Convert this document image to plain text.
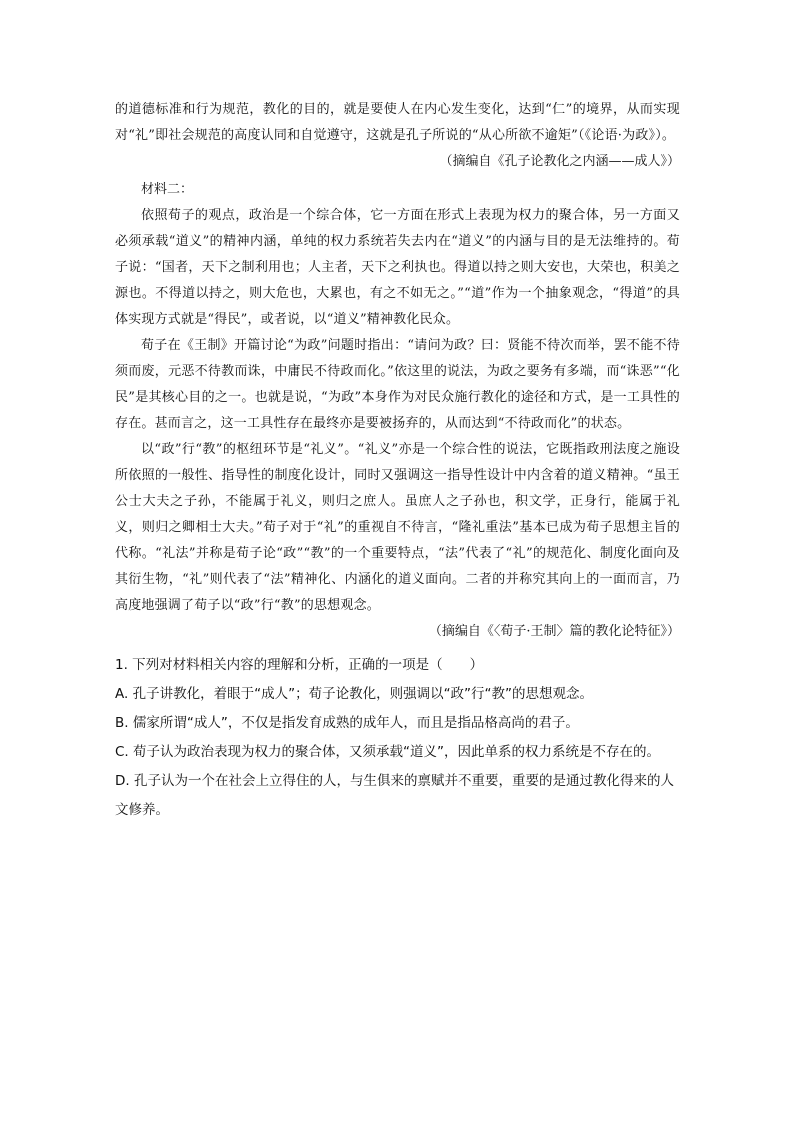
的道德标准和行为规范，教化的目的，就是要使人在内心发生变化，达到“仁”的境界，从而实现对“礼”即社会规范的高度认同和自觉遵守，这就是孔子所说的“从心所欲不逾矩”（《论语·为政》）。

（摘编自《孔子论教化之内涵——成人》）

材料二：

依照荀子的观点，政治是一个综合体，它一方面在形式上表现为权力的聚合体，另一方面又必须承载“道义”的精神内涵，单纯的权力系统若失去内在“道义”的内涵与目的是无法维持的。荀子说：“国者，天下之制利用也；人主者，天下之利执也。得道以持之则大安也，大荣也，积美之源也。不得道以持之，则大危也，大累也，有之不如无之。”“道”作为一个抽象观念，“得道”的具体实现方式就是“得民”，或者说，以“道义”精神教化民众。

荀子在《王制》开篇讨论“为政”问题时指出：“请问为政？曰：贤能不待次而举，罢不能不待须而废，元恶不待教而诛，中庸民不待政而化。”依这里的说法，为政之要务有多端，而“诛恶”“化民”是其核心目的之一。也就是说，“为政”本身作为对民众施行教化的途径和方式，是一工具性的存在。甚而言之，这一工具性存在最终亦是要被扬弃的，从而达到“不待政而化”的状态。

以“政”行“教”的枢纽环节是“礼义”。“礼义”亦是一个综合性的说法，它既指政刑法度之施设所依照的一般性、指导性的制度化设计，同时又强调这一指导性设计中内含着的道义精神。“虽王公士大夫之子孙，不能属于礼义，则归之庶人。虽庶人之子孙也，积文学，正身行，能属于礼义，则归之卿相士大夫。”荀子对于“礼”的重视自不待言，“隆礼重法”基本已成为荀子思想主旨的代称。“礼法”并称是荀子论“政”“教”的一个重要特点，“法”代表了“礼”的规范化、制度化面向及其衍生物，“礼”则代表了“法”精神化、内涵化的道义面向。二者的并称究其向上的一面而言，乃高度地强调了荀子以“政”行“教”的思想观念。

（摘编自《〈荀子·王制〉篇的教化论特征》）

1. 下列对材料相关内容的理解和分析，正确的一项是（　　）

A. 孔子讲教化，着眼于“成人”；荀子论教化，则强调以“政”行“教”的思想观念。

B. 儒家所谓“成人”，不仅是指发育成熟的成年人，而且是指品格高尚的君子。

C. 荀子认为政治表现为权力的聚合体，又须承载“道义”，因此单系的权力系统是不存在的。

D. 孔子认为一个在社会上立得住的人，与生俱来的禀赋并不重要，重要的是通过教化得来的人文修养。
